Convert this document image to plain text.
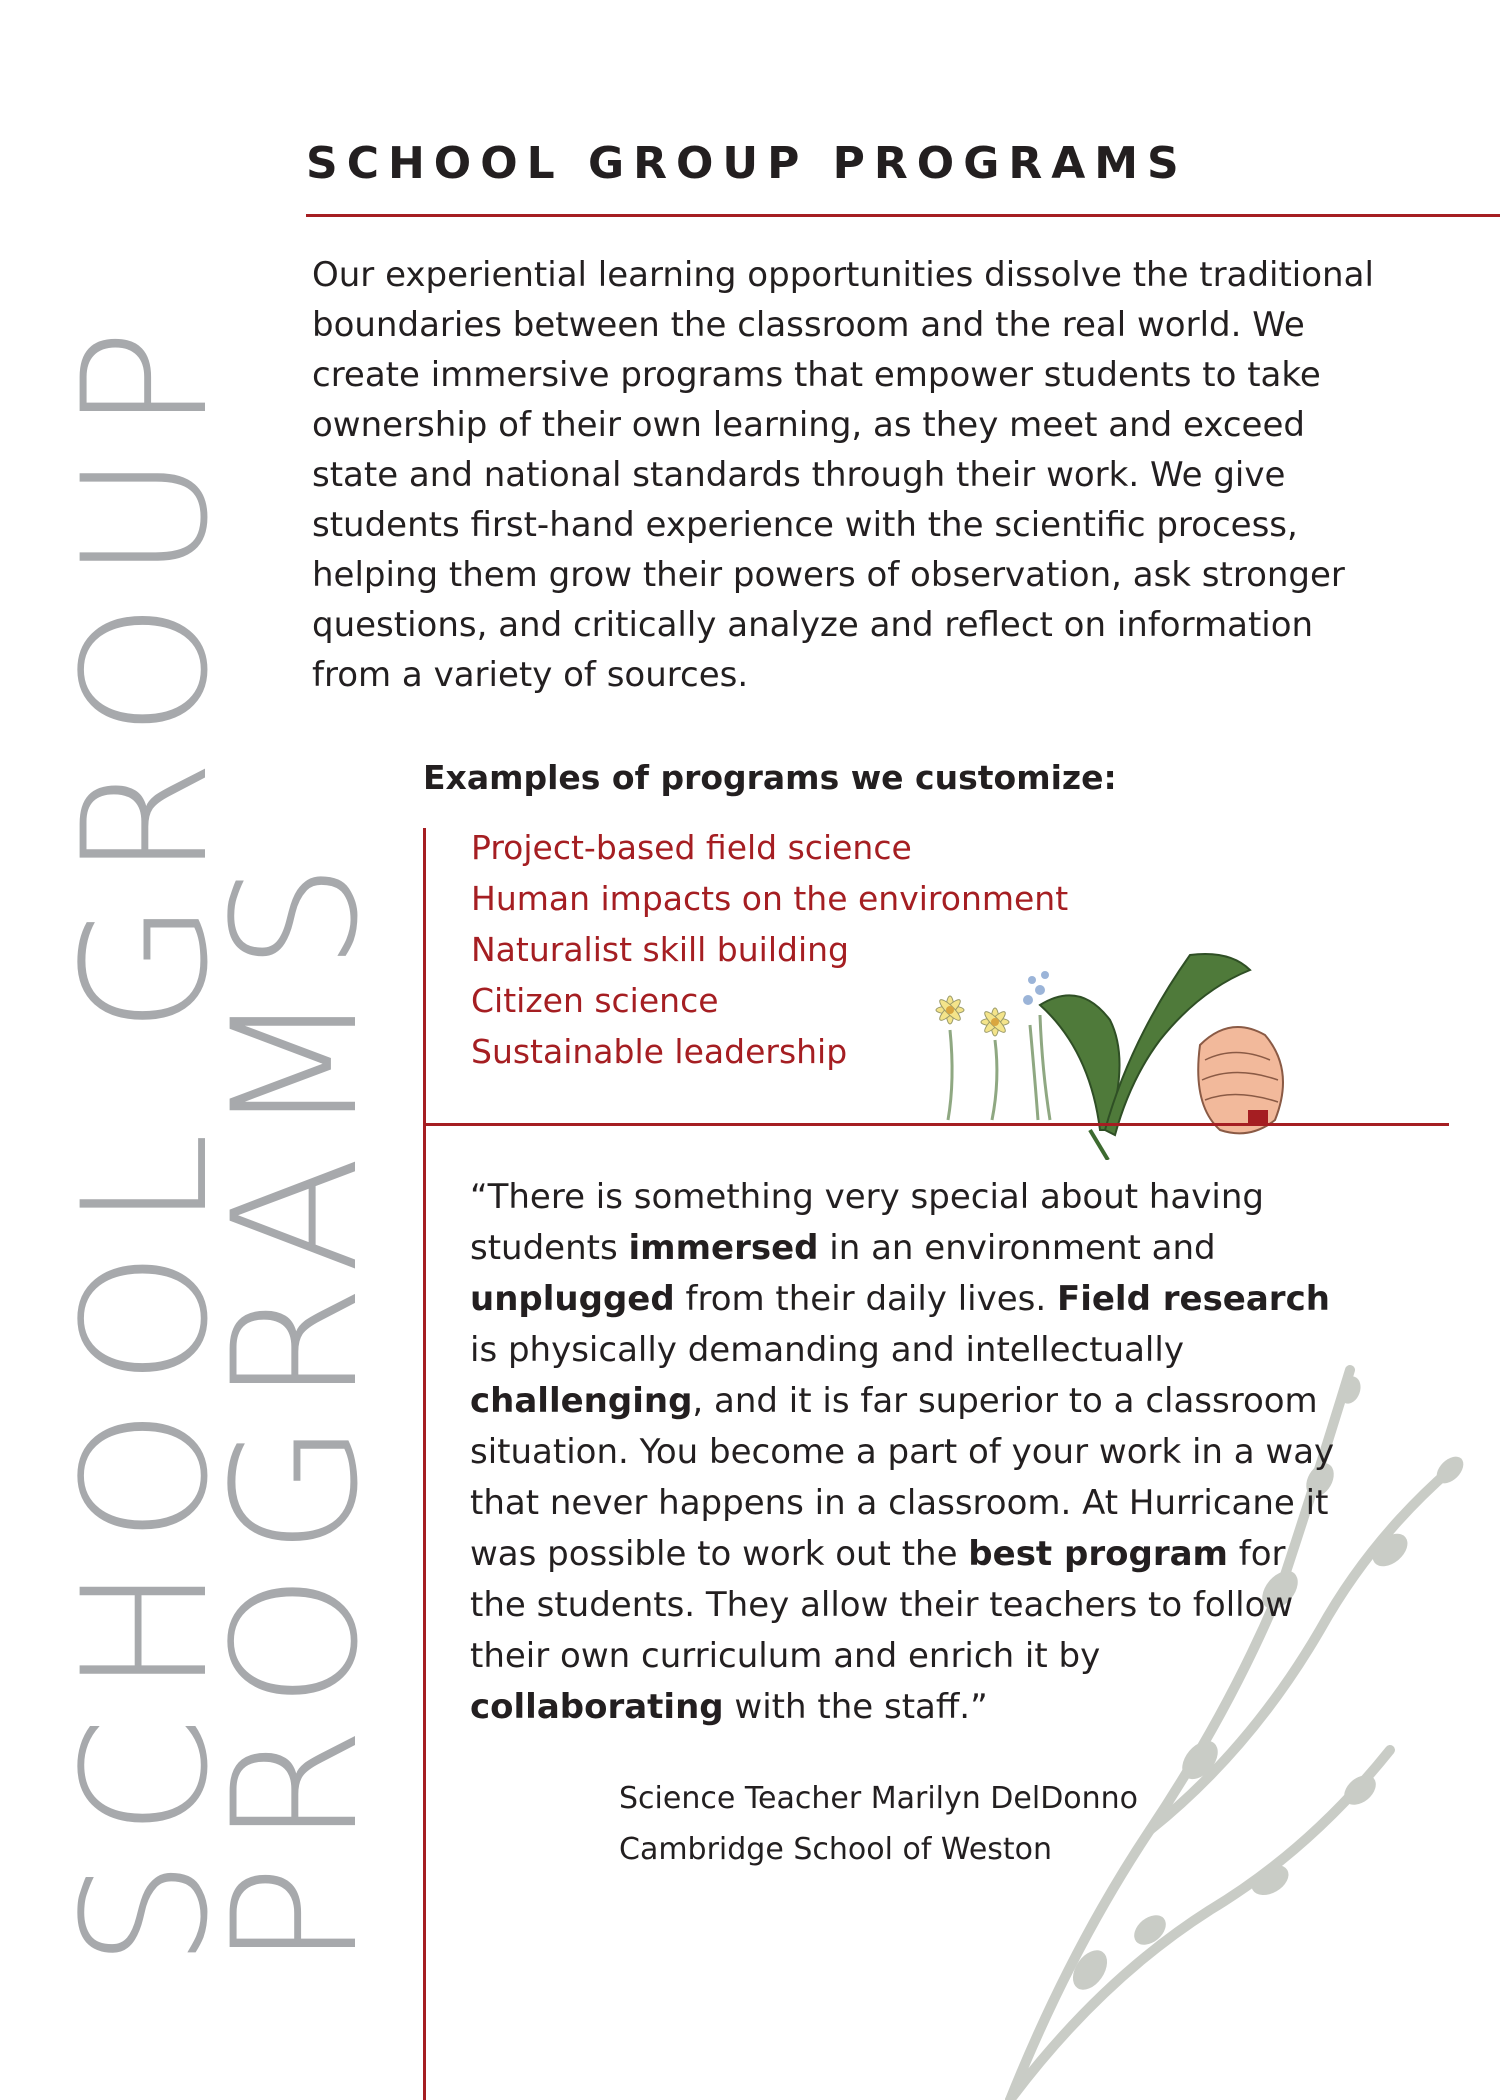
SCHOOL GROUP
PROGRAMS
SCHOOL GROUP PROGRAMS
Our experiential learning opportunities dissolve the traditional boundaries between the classroom and the real world. We create immersive programs that empower students to take ownership of their own learning, as they meet and exceed state and national standards through their work. We give students first-hand experience with the scientific process, helping them grow their powers of observation, ask stronger questions, and critically analyze and reflect on information from a variety of sources.
Examples of programs we customize:
Project-based field science
Human impacts on the environment
Naturalist skill building
Citizen science
Sustainable leadership
“There is something very special about having students immersed in an environment and unplugged from their daily lives. Field research is physically demanding and intellectually challenging, and it is far superior to a classroom situation. You become a part of your work in a way that never happens in a classroom. At Hurricane it was possible to work out the best program for the students. They allow their teachers to follow their own curriculum and enrich it by collaborating with the staff.”
Science Teacher Marilyn DelDonno
Cambridge School of Weston
